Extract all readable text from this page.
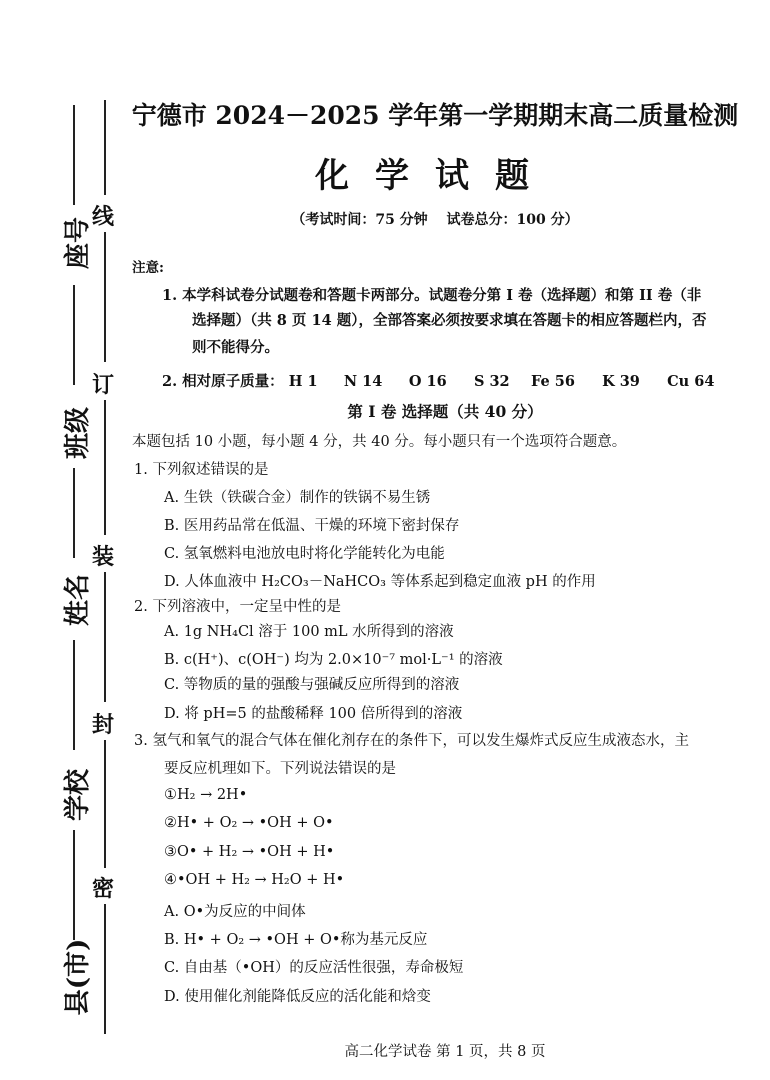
座号
班级
姓名
学校
县(市)
线
订
装
封
密
宁德市 2024－2025 学年第一学期期末高二质量检测
化学试题
（考试时间：75 分钟　 试卷总分：100 分）
注意:
1. 本学科试卷分试题卷和答题卡两部分。试题卷分第 I 卷（选择题）和第 II 卷（非
选择题）（共 8 页 14 题），全部答案必须按要求填在答题卡的相应答题栏内，否
则不能得分。
2. 相对原子质量： H 1 N 14 O 16 S 32 Fe 56 K 39 Cu 64
第 I 卷 选择题（共 40 分）
本题包括 10 小题，每小题 4 分，共 40 分。每小题只有一个选项符合题意。
1. 下列叙述错误的是
A. 生铁（铁碳合金）制作的铁锅不易生锈
B. 医用药品常在低温、干燥的环境下密封保存
C. 氢氧燃料电池放电时将化学能转化为电能
D. 人体血液中 H₂CO₃－NaHCO₃ 等体系起到稳定血液 pH 的作用
2. 下列溶液中，一定呈中性的是
A. 1g NH₄Cl 溶于 100 mL 水所得到的溶液
B. c(H⁺)、c(OH⁻) 均为 2.0×10⁻⁷ mol·L⁻¹ 的溶液
C. 等物质的量的强酸与强碱反应所得到的溶液
D. 将 pH=5 的盐酸稀释 100 倍所得到的溶液
3. 氢气和氧气的混合气体在催化剂存在的条件下，可以发生爆炸式反应生成液态水，主
要反应机理如下。下列说法错误的是
①H₂ → 2H•
②H• + O₂ → •OH + O•
③O• + H₂ → •OH + H•
④•OH + H₂ → H₂O + H•
A. O•为反应的中间体
B. H• + O₂ → •OH + O•称为基元反应
C. 自由基（•OH）的反应活性很强，寿命极短
D. 使用催化剂能降低反应的活化能和焓变
高二化学试卷 第 1 页，共 8 页
